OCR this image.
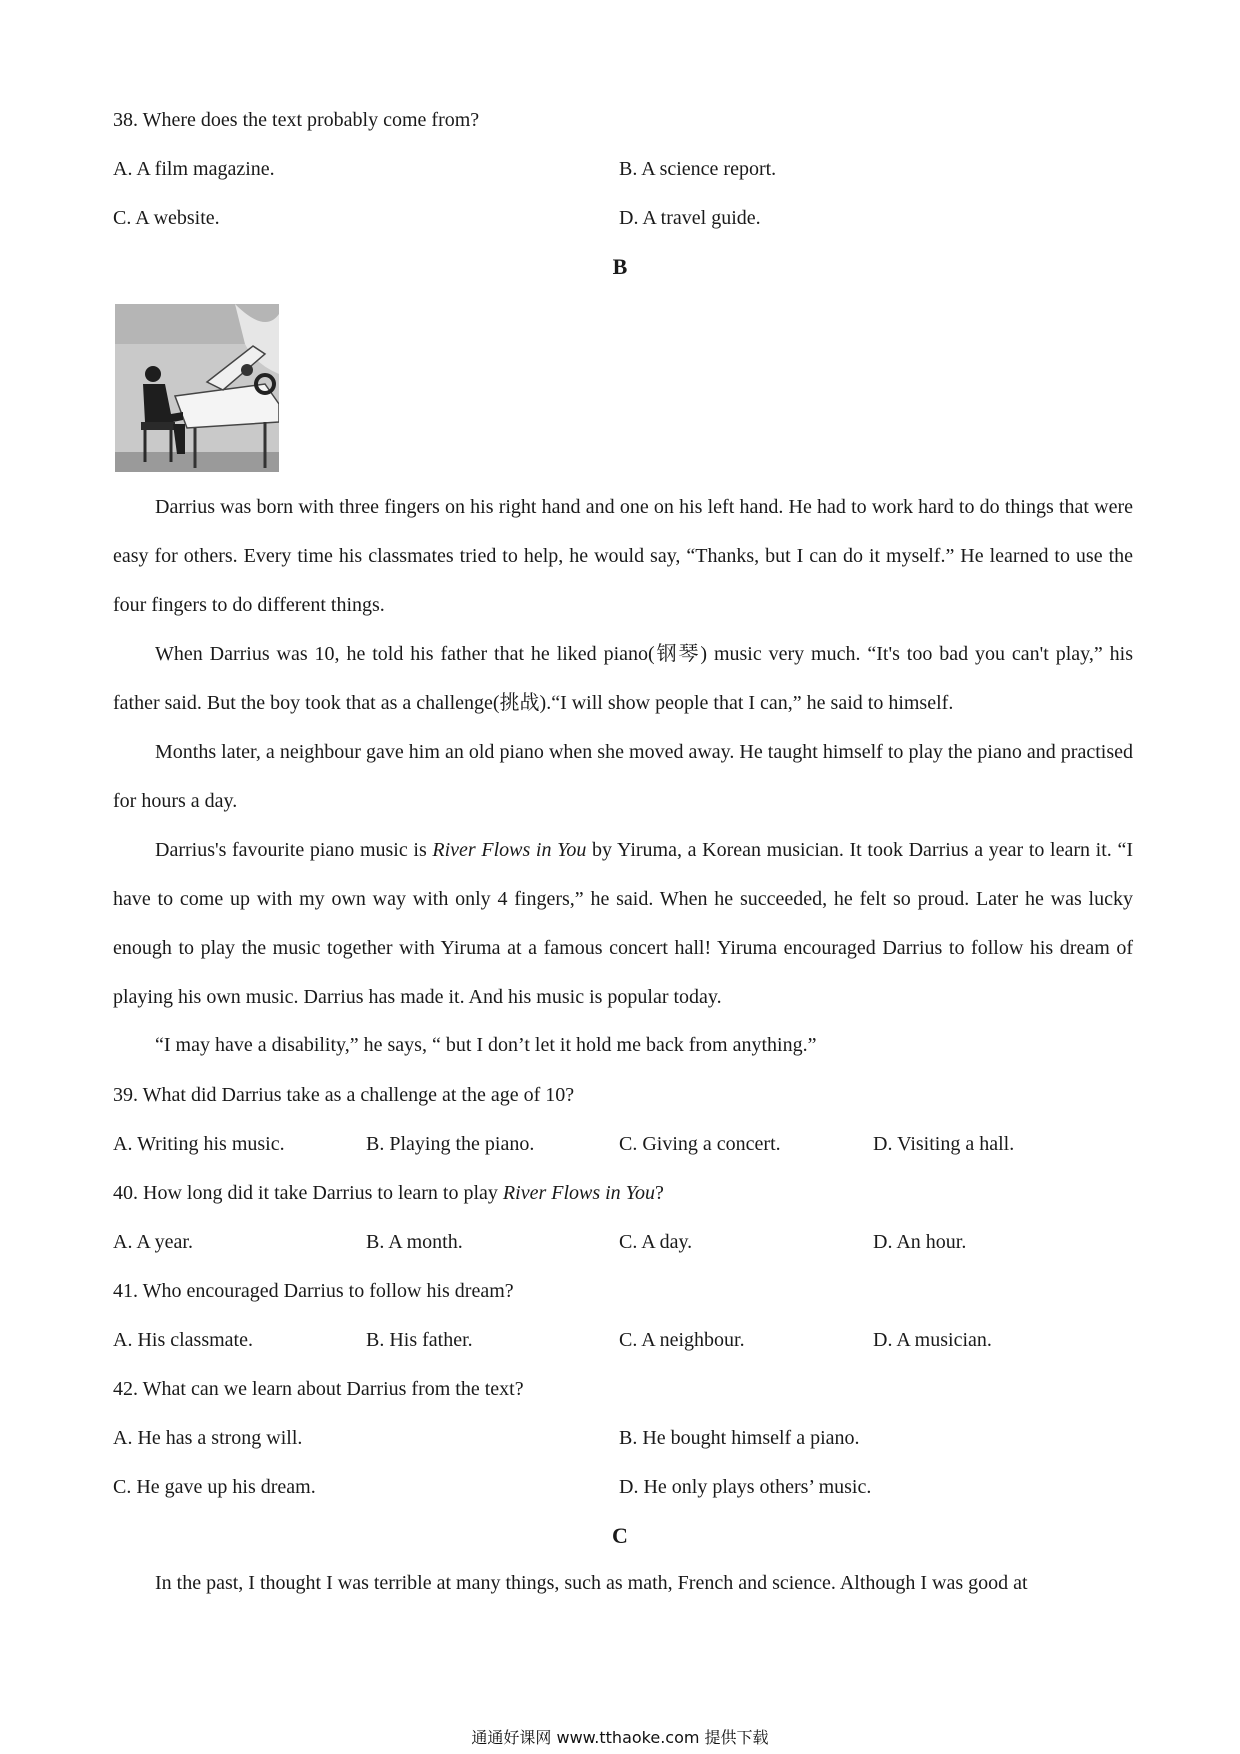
38. Where does the text probably come from?
A. A film magazine.	B. A science report.
C. A website.	D. A travel guide.
B
Darrius was born with three fingers on his right hand and one on his left hand. He had to work hard to do things that were easy for others. Every time his classmates tried to help, he would say, “Thanks, but I can do it myself.” He learned to use the four fingers to do different things.
When Darrius was 10, he told his father that he liked piano(钢琴) music very much. “It's too bad you can't play,” his father said. But the boy took that as a challenge(挑战).“I will show people that I can,” he said to himself.
Months later, a neighbour gave him an old piano when she moved away. He taught himself to play the piano and practised for hours a day.
Darrius's favourite piano music is River Flows in You by Yiruma, a Korean musician. It took Darrius a year to learn it. “I have to come up with my own way with only 4 fingers,” he said. When he succeeded, he felt so proud. Later he was lucky enough to play the music together with Yiruma at a famous concert hall! Yiruma encouraged Darrius to follow his dream of playing his own music. Darrius has made it. And his music is popular today.
“I may have a disability,” he says, “ but I don’t let it hold me back from anything.”
39. What did Darrius take as a challenge at the age of 10?
A. Writing his music.	B. Playing the piano.	C. Giving a concert.	D. Visiting a hall.
40. How long did it take Darrius to learn to play River Flows in You?
A. A year.	B. A month.	C. A day.	D. An hour.
41. Who encouraged Darrius to follow his dream?
A. His classmate.	B. His father.	C. A neighbour.	D. A musician.
42. What can we learn about Darrius from the text?
A. He has a strong will.	B. He bought himself a piano.
C. He gave up his dream.	D. He only plays others’ music.
C
In the past, I thought I was terrible at many things, such as math, French and science. Although I was good at
通通好课网 www.tthaoke.com 提供下载
